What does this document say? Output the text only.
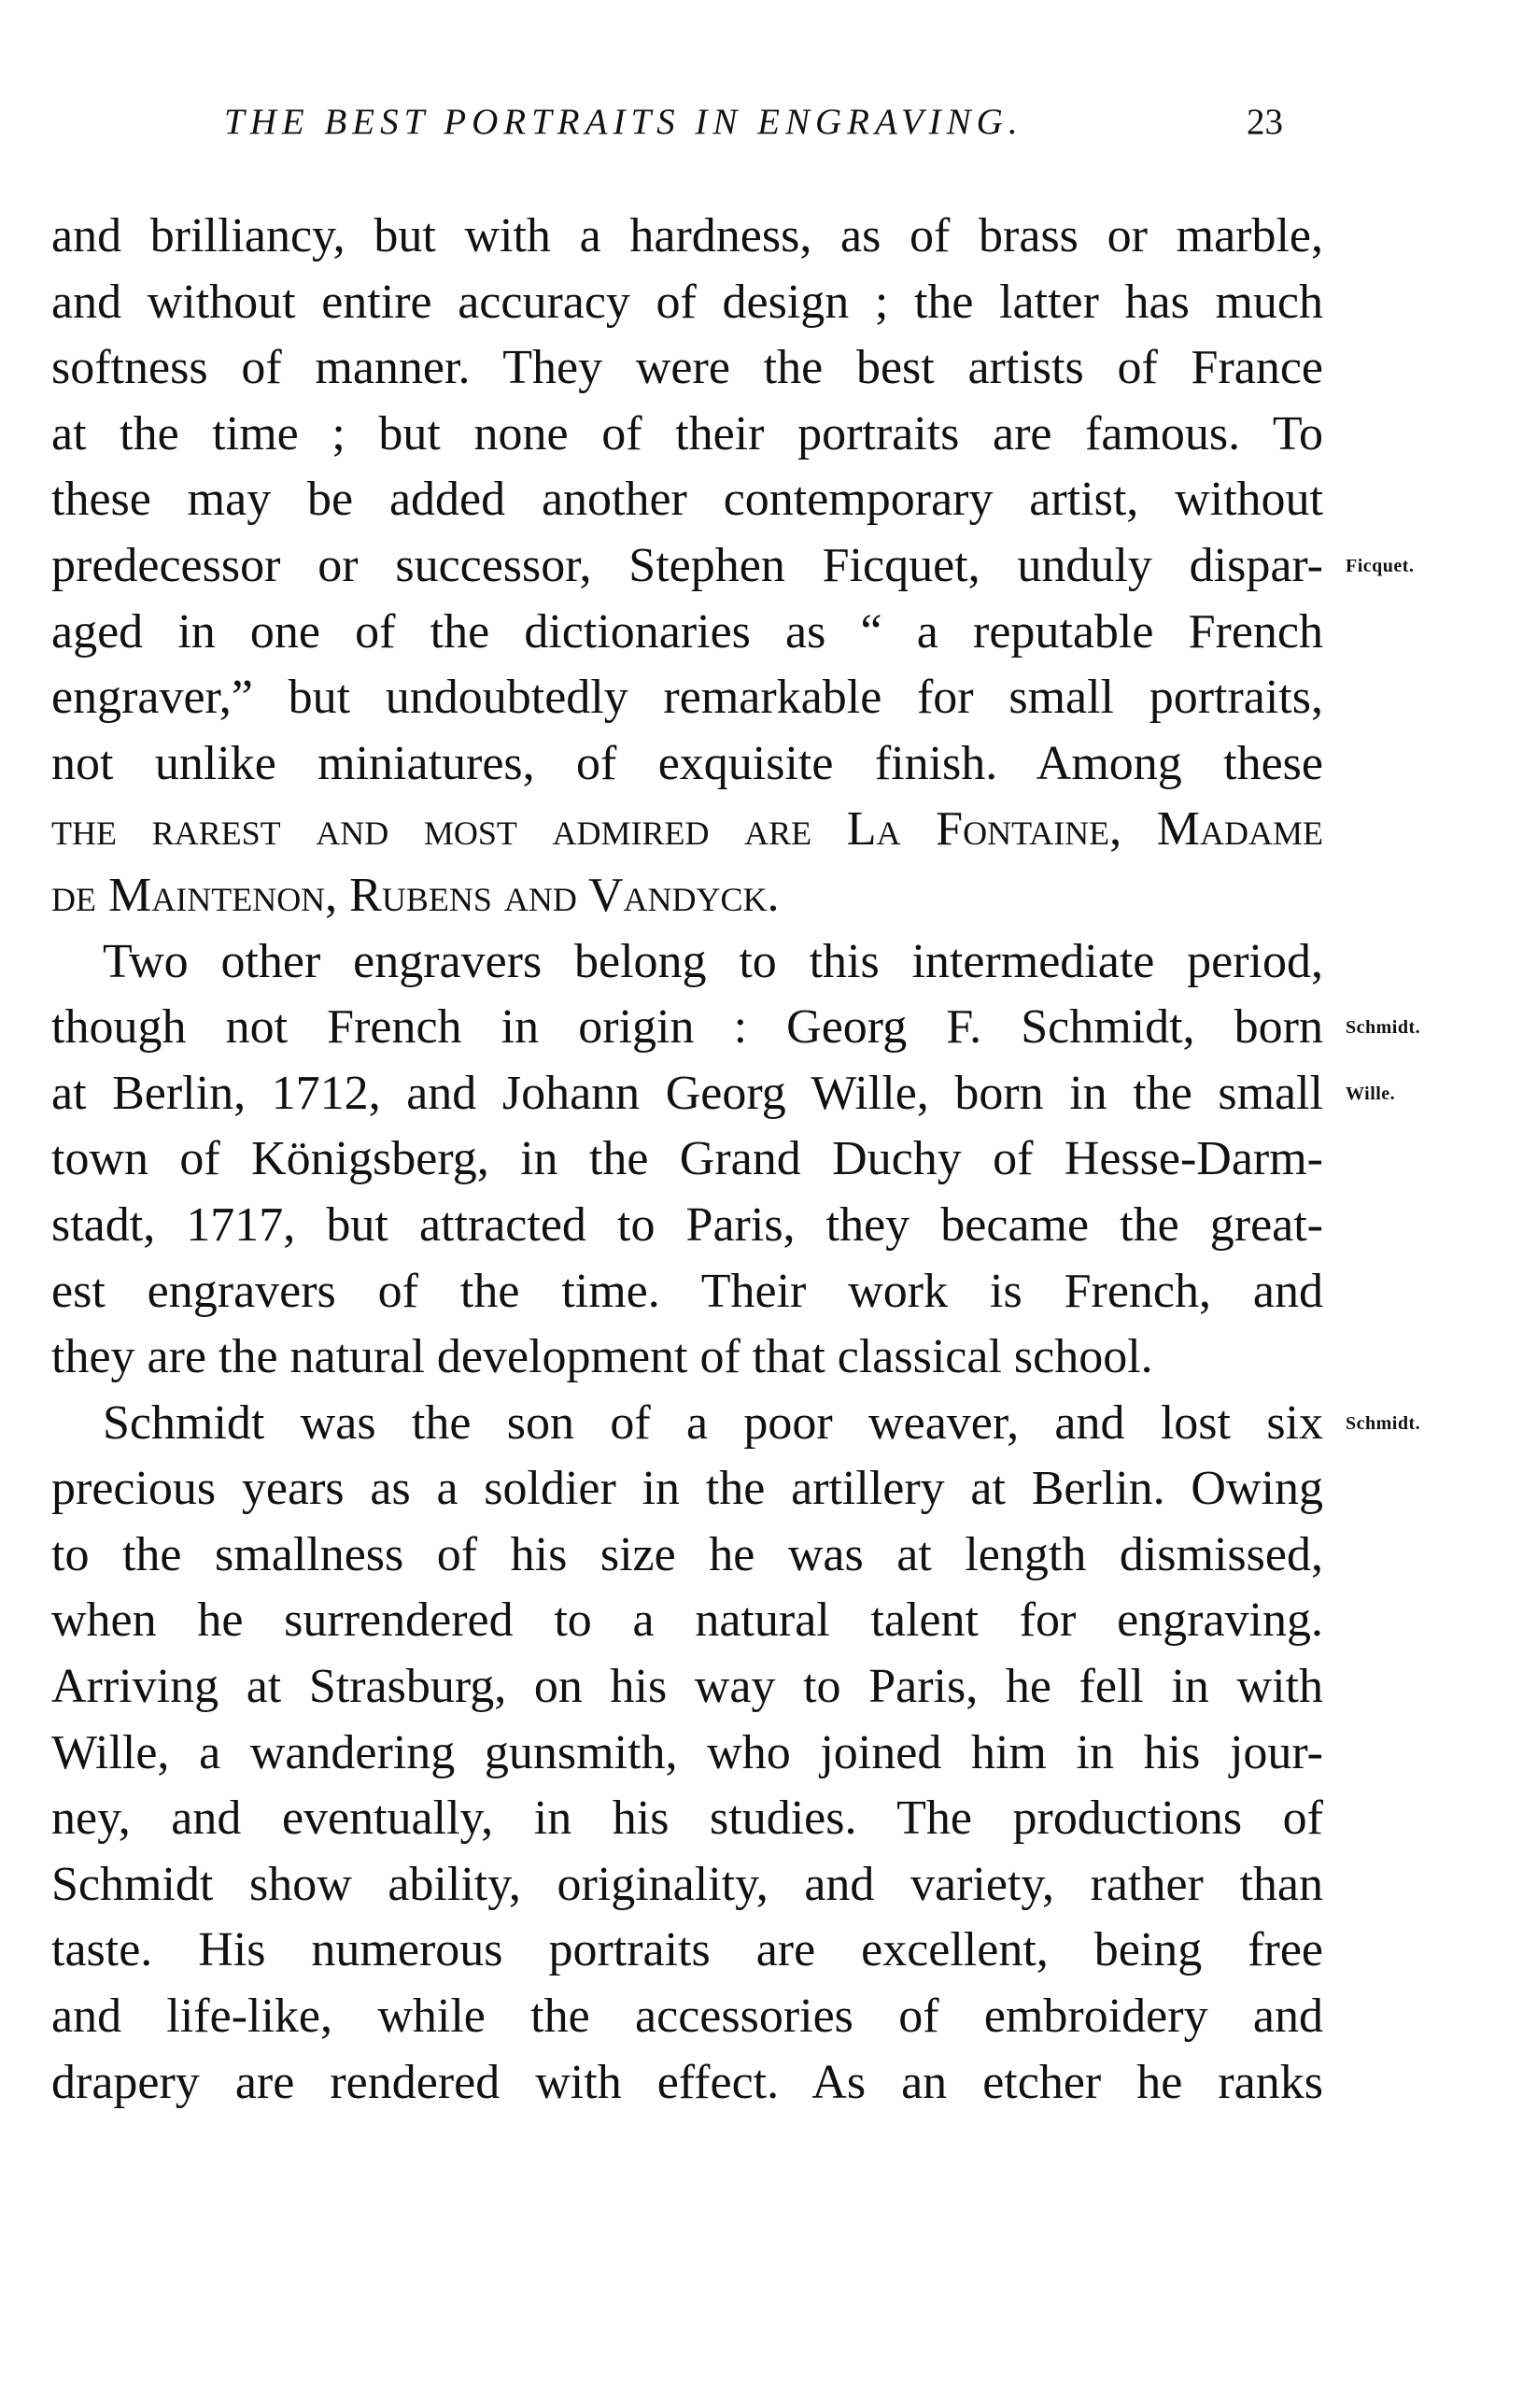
THE BEST PORTRAITS IN ENGRAVING.	23
and brilliancy, but with a hardness, as of brass or marble,
and without entire accuracy of design ; the latter has much
softness of manner. They were the best artists of France
at the time ; but none of their portraits are famous. To
these may be added another contemporary artist, without
predecessor or successor, Stephen Ficquet, unduly dispar- Ficquet.
aged in one of the dictionaries as “ a reputable French
engraver,” but undoubtedly remarkable for small portraits,
not unlike miniatures, of exquisite finish. Among these
the rarest and most admired are La Fontaine, Madame
de Maintenon, Rubens and Vandyck.
Two other engravers belong to this intermediate period,
though not French in origin : Georg F. Schmidt, born Schmidt.
at Berlin, 1712, and Johann Georg Wille, born in the small Wille.
town of Königsberg, in the Grand Duchy of Hesse-Darm-
stadt, 1717, but attracted to Paris, they became the great-
est engravers of the time. Their work is French, and
they are the natural development of that classical school.
Schmidt was the son of a poor weaver, and lost six Schmidt.
precious years as a soldier in the artillery at Berlin. Owing
to the smallness of his size he was at length dismissed,
when he surrendered to a natural talent for engraving.
Arriving at Strasburg, on his way to Paris, he fell in with
Wille, a wandering gunsmith, who joined him in his jour-
ney, and eventually, in his studies. The productions of
Schmidt show ability, originality, and variety, rather than
taste. His numerous portraits are excellent, being free
and life-like, while the accessories of embroidery and
drapery are rendered with effect. As an etcher he ranks
